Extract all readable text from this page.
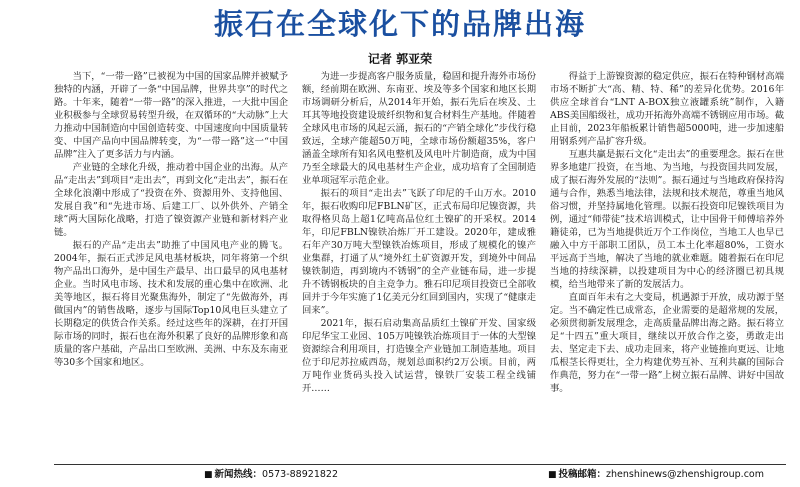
振石在全球化下的品牌出海
记者 郭亚荣

当下，“一带一路”已被视为中国的国家品牌并被赋予独特的内涵，开辟了一条“中国品牌，世界共享”的时代之路。十年来，随着“一带一路”的深入推进，一大批中国企业积极参与全球贸易转型升级，在双循环的“大动脉”上大力推动中国制造向中国创造转变、中国速度向中国质量转变、中国产品向中国品牌转变，为“一带一路”这一“中国品牌”注入了更多活力与内涵。

产业链的全球化升级，推动着中国企业的出海。从产品“走出去”到项目“走出去”，再到文化“走出去”，振石在全球化浪潮中形成了“投资在外、资源用外、支持他国、发展自我”和“先进市场、后建工厂、以外供外、产销全球”两大国际化战略，打造了镍资源产业链和新材料产业链。

振石的产品“走出去”助推了中国风电产业的腾飞。2004年，振石正式涉足风电基材板块，同年将第一个织物产品出口海外，是中国生产最早、出口最早的风电基材企业。当时风电市场、技术和发展的重心集中在欧洲、北美等地区，振石将目光聚焦海外，制定了“先做海外，再做国内”的销售战略，逐步与国际Top10风电巨头建立了长期稳定的供货合作关系。经过这些年的深耕，在打开国际市场的同时，振石也在海外积累了良好的品牌形象和高质量的客户基础，产品出口至欧洲、美洲、中东及东南亚等30多个国家和地区。

为进一步提高客户服务质量，稳固和提升海外市场份额，经前期在欧洲、东南亚、埃及等多个国家和地区长期市场调研分析后，从2014年开始，振石先后在埃及、土耳其等地投资建设玻纤织物和复合材料生产基地。伴随着全球风电市场的风起云涌，振石的“产销全球化”步伐行稳致远，全球产能超50万吨，全球市场份额超35%，客户涵盖全球所有知名风电整机及风电叶片制造商，成为中国乃至全球最大的风电基材生产企业，成功培育了全国制造业单项冠军示范企业。

振石的项目“走出去”飞跃了印尼的千山万水。2010年，振石收购印尼FBLN矿区，正式布局印尼镍资源，共取得格贝岛上超1亿吨高品位红土镍矿的开采权。2014年，印尼FBLN镍铁冶炼厂开工建设。2020年，建成雅石年产30万吨大型镍铁冶炼项目，形成了规模化的镍产业集群，打通了从“境外红土矿资源开发，到境外中间品镍铁制造，再到境内不锈钢”的全产业链布局，进一步提升不锈钢板块的自主竞争力。雅石印尼项目投资已全部收回并于今年实施了1亿美元分红回到国内，实现了“健康走回来”。

2021年，振石启动集高品质红土镍矿开发、国家级印尼华宝工业园、105万吨镍铁冶炼项目于一体的大型镍资源综合利用项目，打造镍全产业链加工制造基地。项目位于印尼苏拉威西岛，规划总面积约2万公顷。目前，两万吨作业货码头投入试运营，镍铁厂安装工程全线铺开……

得益于上游镍资源的稳定供应，振石在特种钢材高端市场不断扩大“高、精、特、稀”的差异化优势。2016年供应全球首台“LNT A-BOX独立液罐系统”制作，入籍ABS美国船级社，成功开拓海外高端不锈钢应用市场。截止目前，2023年船板累计销售超5000吨，进一步加速船用钢系列产品扩容升级。

互惠共赢是振石文化“走出去”的重要理念。振石在世界多地建厂投资，在当地、为当地，与投资国共同发展，成了振石海外发展的“法则”。振石通过与当地政府保持沟通与合作，熟悉当地法律，法规和技术规范，尊重当地风俗习惯，并坚持属地化管理。以振石投资印尼镍铁项目为例，通过“师带徒”技术培训模式，让中国骨干师傅培养外籍徒弟，已为当地提供近万个工作岗位，当地工人也早已融入中方干部职工团队，员工本土化率超80%，工资水平远高于当地，解决了当地的就业难题。随着振石在印尼当地的持续深耕，以投建项目为中心的经济圈已初具规模，给当地带来了新的发展活力。

直面百年未有之大变局，机遇源于开放，成功源于坚定。当不确定性已成常态，企业需要的是超常规的发展，必须贯彻新发展理念，走高质量品牌出海之路。振石将立足“十四五”重大项目，继续以开放合作之姿，勇敢走出去、坚定走下去、成功走回来，将产业链推向更远、让地瓜根茎长得更壮，全力构建优势互补、互利共赢的国际合作典范，努力在“一带一路”上树立振石品牌、讲好中国故事。

■ 新闻热线：0573-88921822	■ 投稿邮箱：zhenshinews@zhenshigroup.com
